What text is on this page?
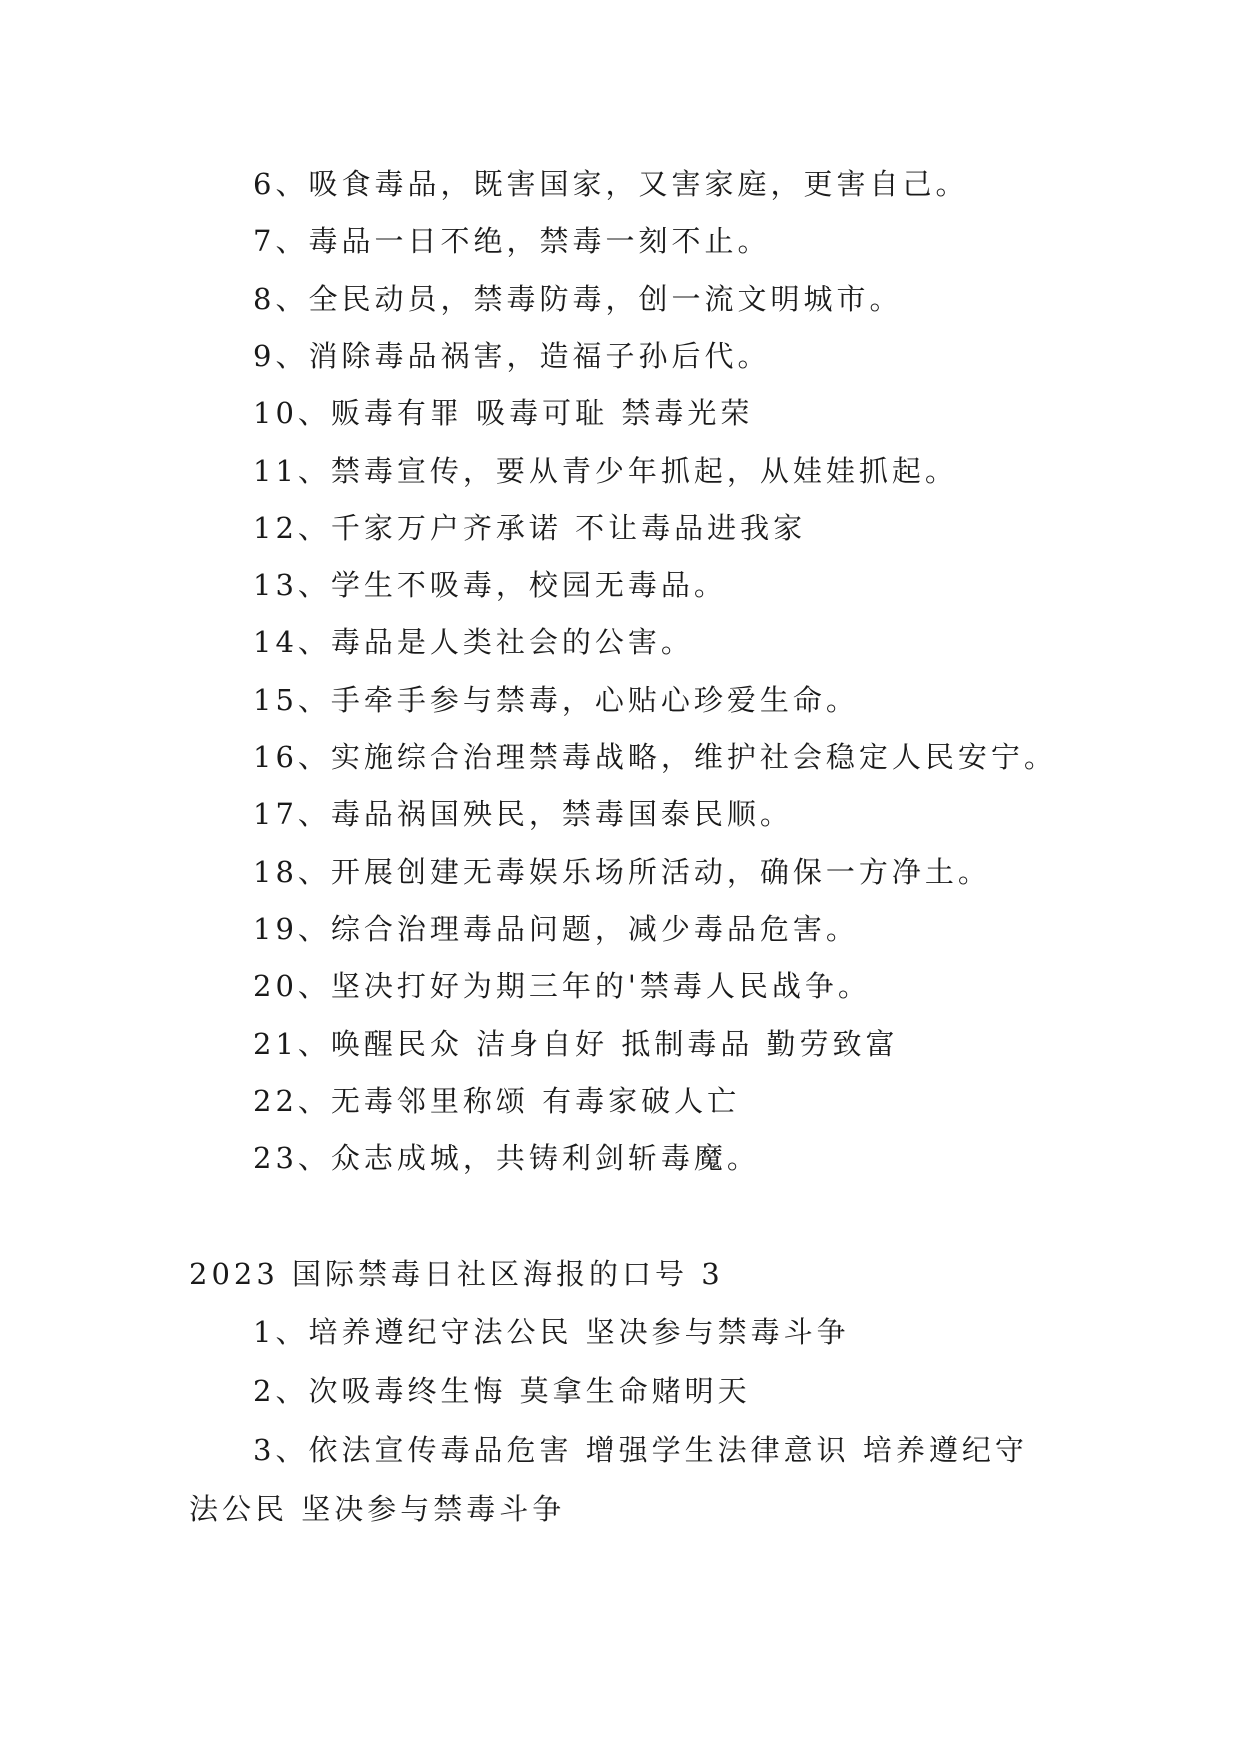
6、吸食毒品，既害国家，又害家庭，更害自己。
7、毒品一日不绝，禁毒一刻不止。
8、全民动员，禁毒防毒，创一流文明城市。
9、消除毒品祸害，造福子孙后代。
10、贩毒有罪 吸毒可耻 禁毒光荣
11、禁毒宣传，要从青少年抓起，从娃娃抓起。
12、千家万户齐承诺 不让毒品进我家
13、学生不吸毒，校园无毒品。
14、毒品是人类社会的公害。
15、手牵手参与禁毒，心贴心珍爱生命。
16、实施综合治理禁毒战略，维护社会稳定人民安宁。
17、毒品祸国殃民，禁毒国泰民顺。
18、开展创建无毒娱乐场所活动，确保一方净土。
19、综合治理毒品问题，减少毒品危害。
20、坚决打好为期三年的'禁毒人民战争。
21、唤醒民众 洁身自好 抵制毒品 勤劳致富
22、无毒邻里称颂 有毒家破人亡
23、众志成城，共铸利剑斩毒魔。
2023 国际禁毒日社区海报的口号 3
1、培养遵纪守法公民 坚决参与禁毒斗争
2、次吸毒终生悔 莫拿生命赌明天
3、依法宣传毒品危害 增强学生法律意识 培养遵纪守
法公民 坚决参与禁毒斗争
